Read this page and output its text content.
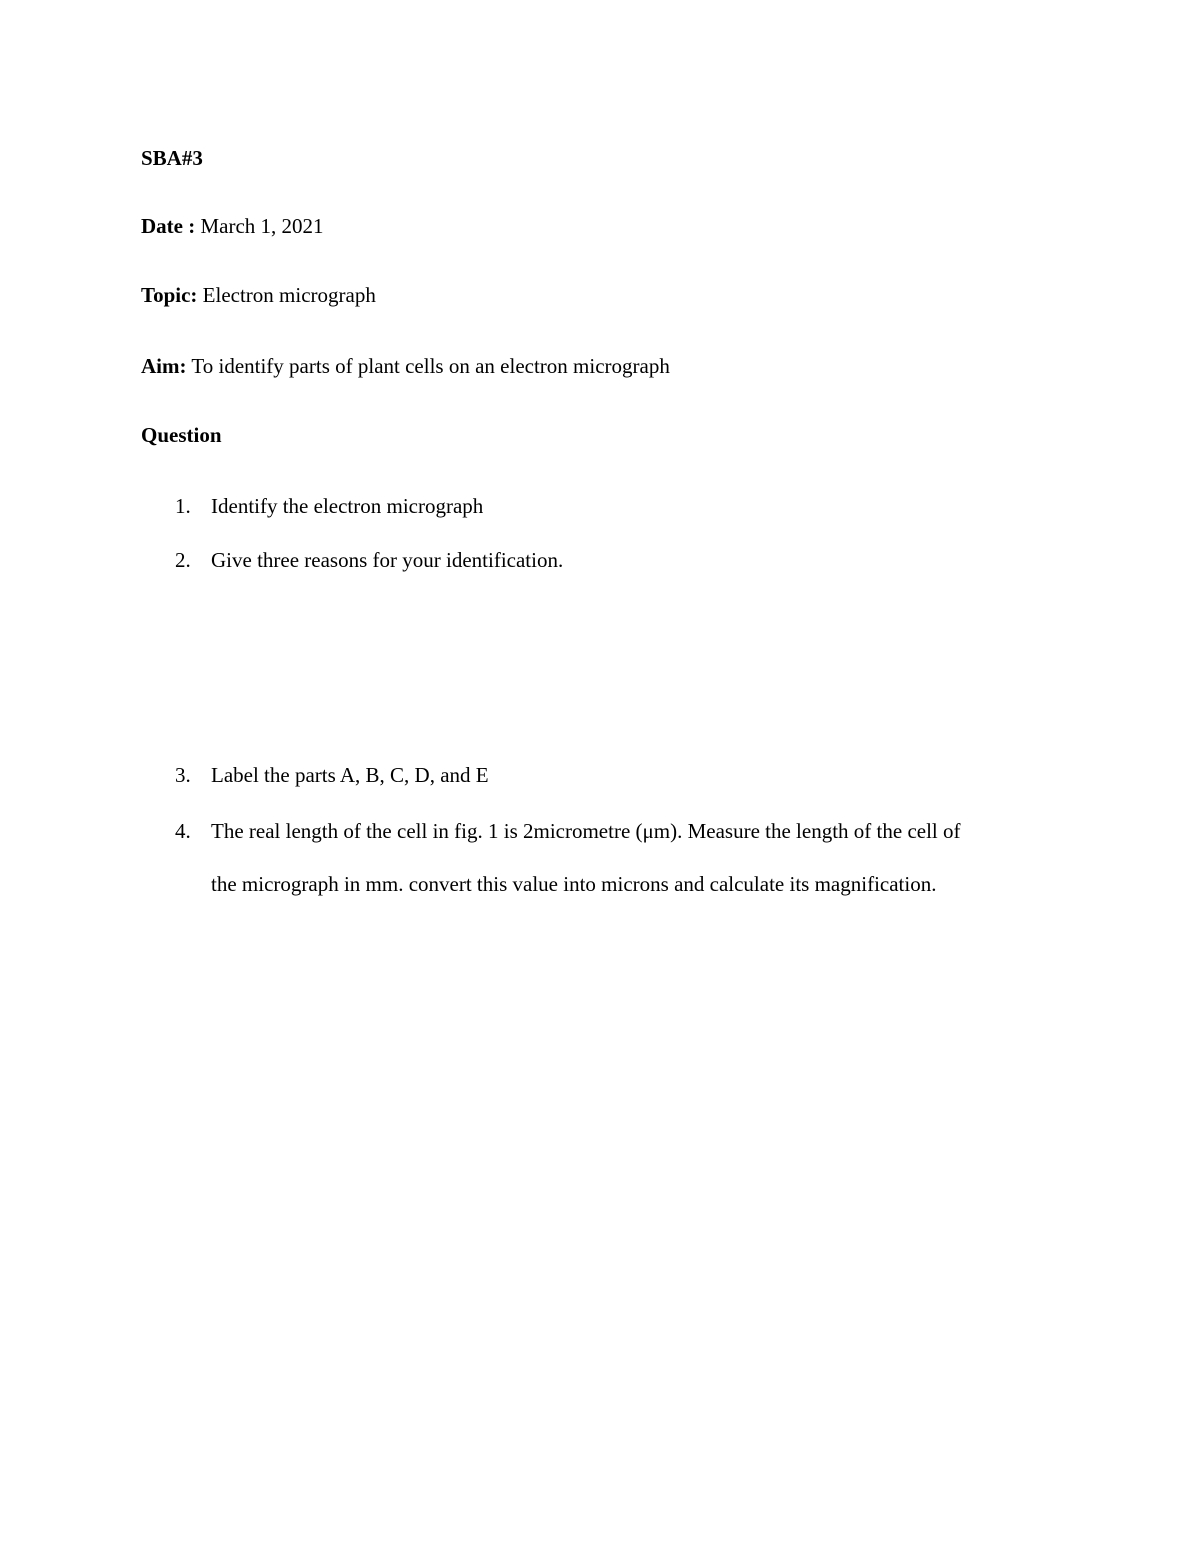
SBA#3
Date : March 1, 2021
Topic: Electron micrograph
Aim: To identify parts of plant cells on an electron micrograph
Question
1. Identify the electron micrograph
2. Give three reasons for your identification.
3. Label the parts A, B, C, D, and E
4. The real length of the cell in fig. 1 is 2micrometre (μm). Measure the length of the cell of
the micrograph in mm. convert this value into microns and calculate its magnification.
